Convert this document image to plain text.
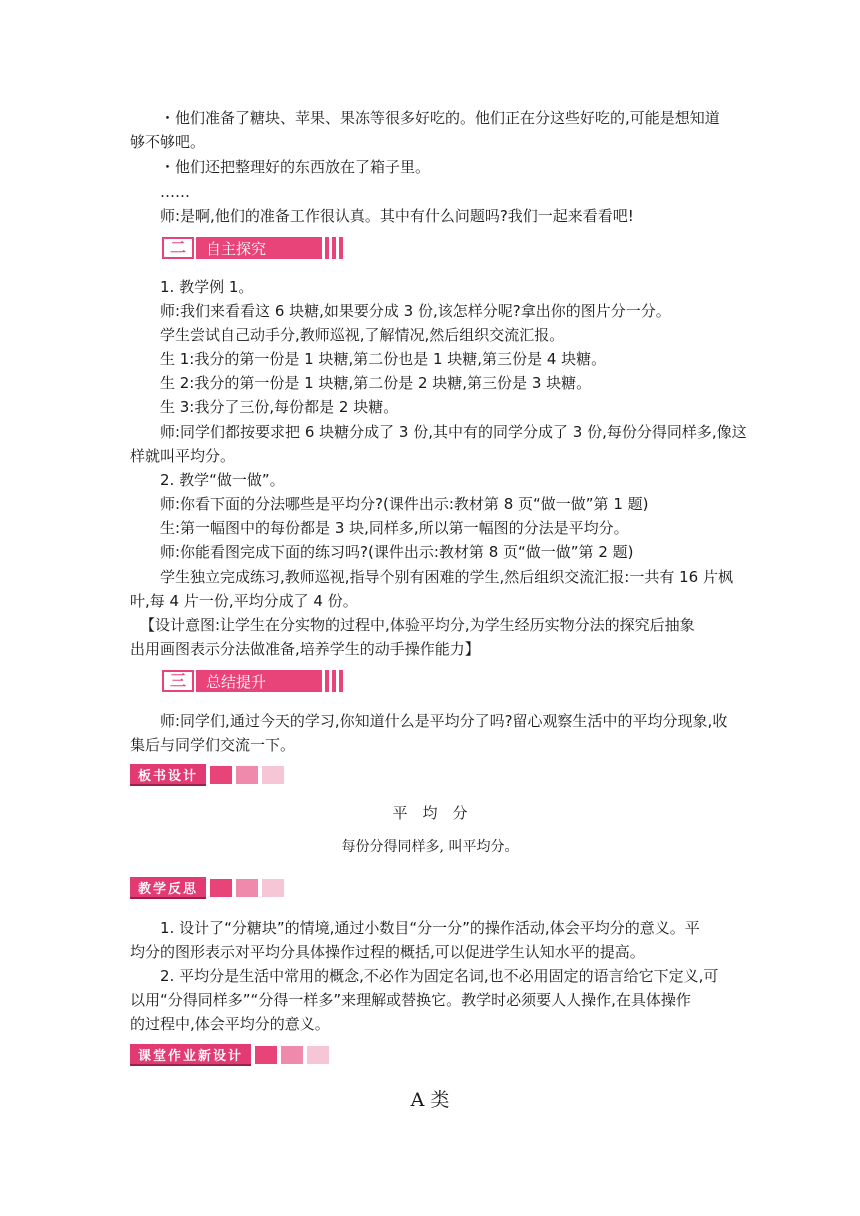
・他们准备了糖块、苹果、果冻等很多好吃的。他们正在分这些好吃的,可能是想知道
够不够吧。
・他们还把整理好的东西放在了箱子里。
……
师:是啊,他们的准备工作很认真。其中有什么问题吗?我们一起来看看吧!
二	自主探究
1. 教学例 1。
师:我们来看看这 6 块糖,如果要分成 3 份,该怎样分呢?拿出你的图片分一分。
学生尝试自己动手分,教师巡视,了解情况,然后组织交流汇报。
生 1:我分的第一份是 1 块糖,第二份也是 1 块糖,第三份是 4 块糖。
生 2:我分的第一份是 1 块糖,第二份是 2 块糖,第三份是 3 块糖。
生 3:我分了三份,每份都是 2 块糖。
师:同学们都按要求把 6 块糖分成了 3 份,其中有的同学分成了 3 份,每份分得同样多,像这
样就叫平均分。
2. 教学“做一做”。
师:你看下面的分法哪些是平均分?(课件出示:教材第 8 页“做一做”第 1 题)
生:第一幅图中的每份都是 3 块,同样多,所以第一幅图的分法是平均分。
师:你能看图完成下面的练习吗?(课件出示:教材第 8 页“做一做”第 2 题)
学生独立完成练习,教师巡视,指导个别有困难的学生,然后组织交流汇报:一共有 16 片枫
叶,每 4 片一份,平均分成了 4 份。
【设计意图:让学生在分实物的过程中,体验平均分,为学生经历实物分法的探究后抽象
出用画图表示分法做准备,培养学生的动手操作能力】
三	总结提升
师:同学们,通过今天的学习,你知道什么是平均分了吗?留心观察生活中的平均分现象,收
集后与同学们交流一下。
板书设计
平　均　分
每份分得同样多, 叫平均分。
教学反思
1. 设计了“分糖块”的情境,通过小数目“分一分”的操作活动,体会平均分的意义。平
均分的图形表示对平均分具体操作过程的概括,可以促进学生认知水平的提高。
2. 平均分是生活中常用的概念,不必作为固定名词,也不必用固定的语言给它下定义,可
以用“分得同样多”“分得一样多”来理解或替换它。教学时必须要人人操作,在具体操作
的过程中,体会平均分的意义。
课堂作业新设计
A 类
